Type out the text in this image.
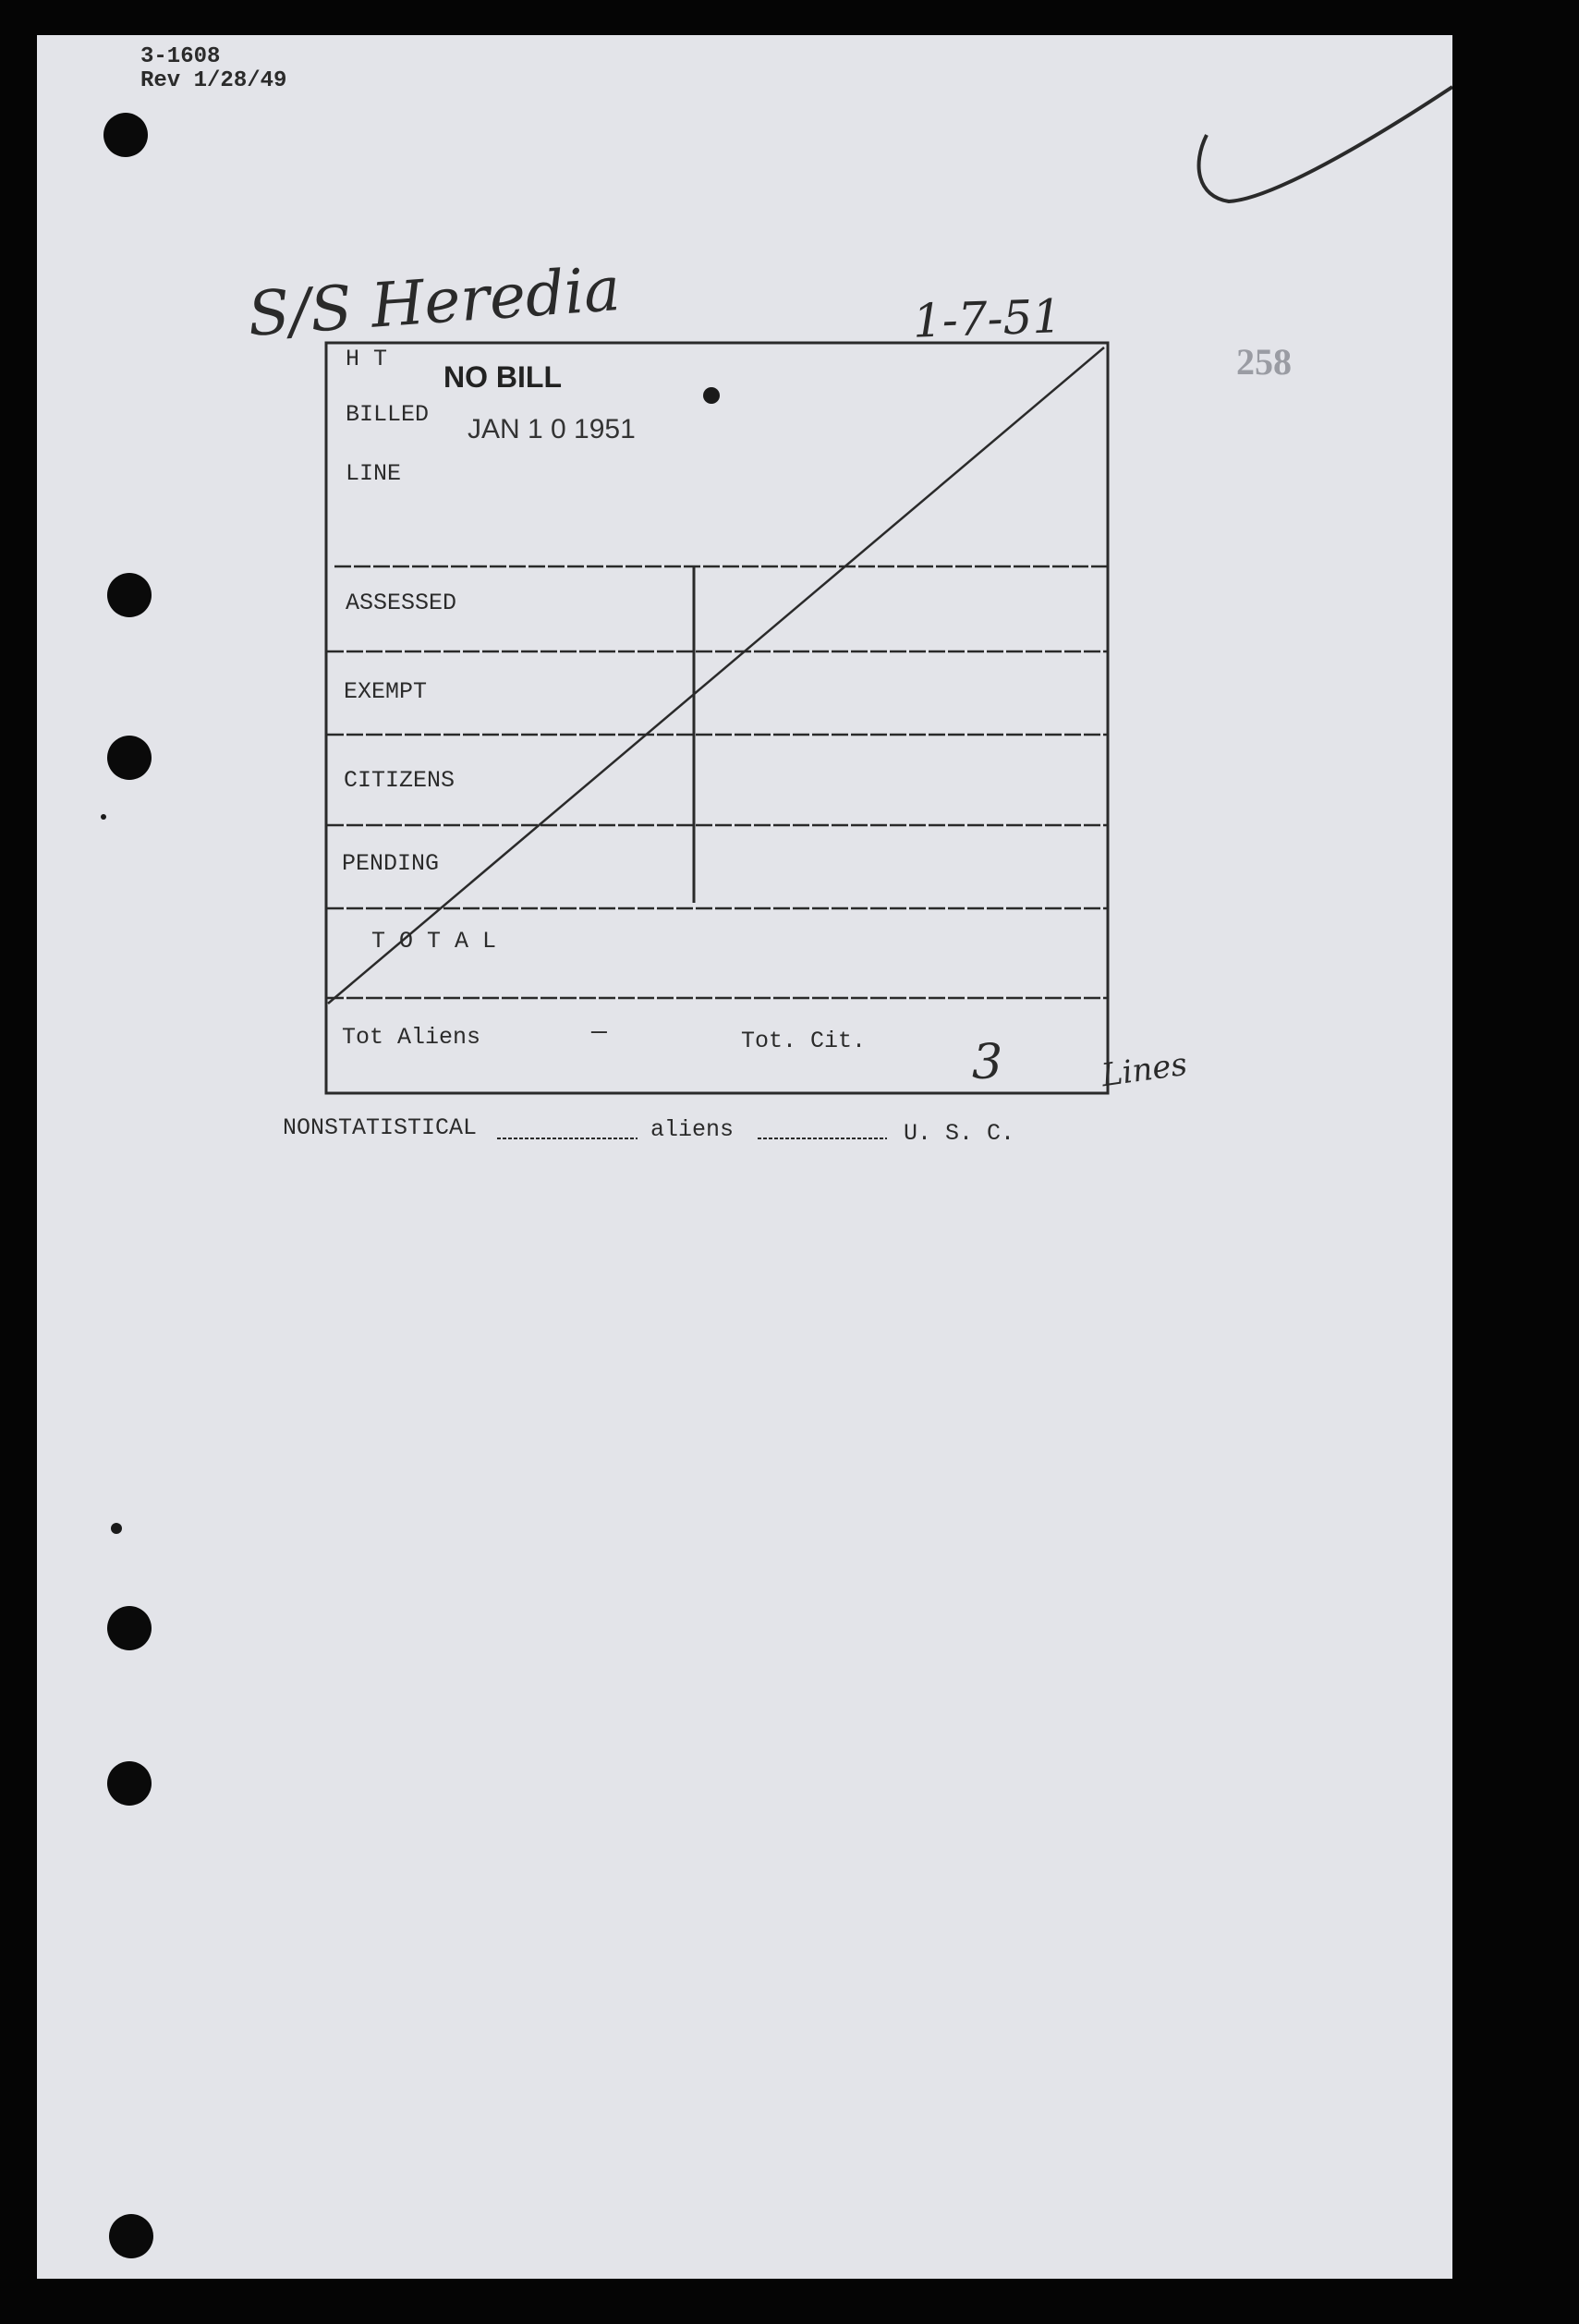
3-1608
Rev 1/28/49
S/S Heredia	1-7-51
258
H T
BILLED
LINE
NO BILL
JAN 1 0 1951
ASSESSED
EXEMPT
CITIZENS
PENDING
T O T A L
Tot Aliens	—	Tot. Cit. 3	Lines
NONSTATISTICAL	aliens	U. S. C.
